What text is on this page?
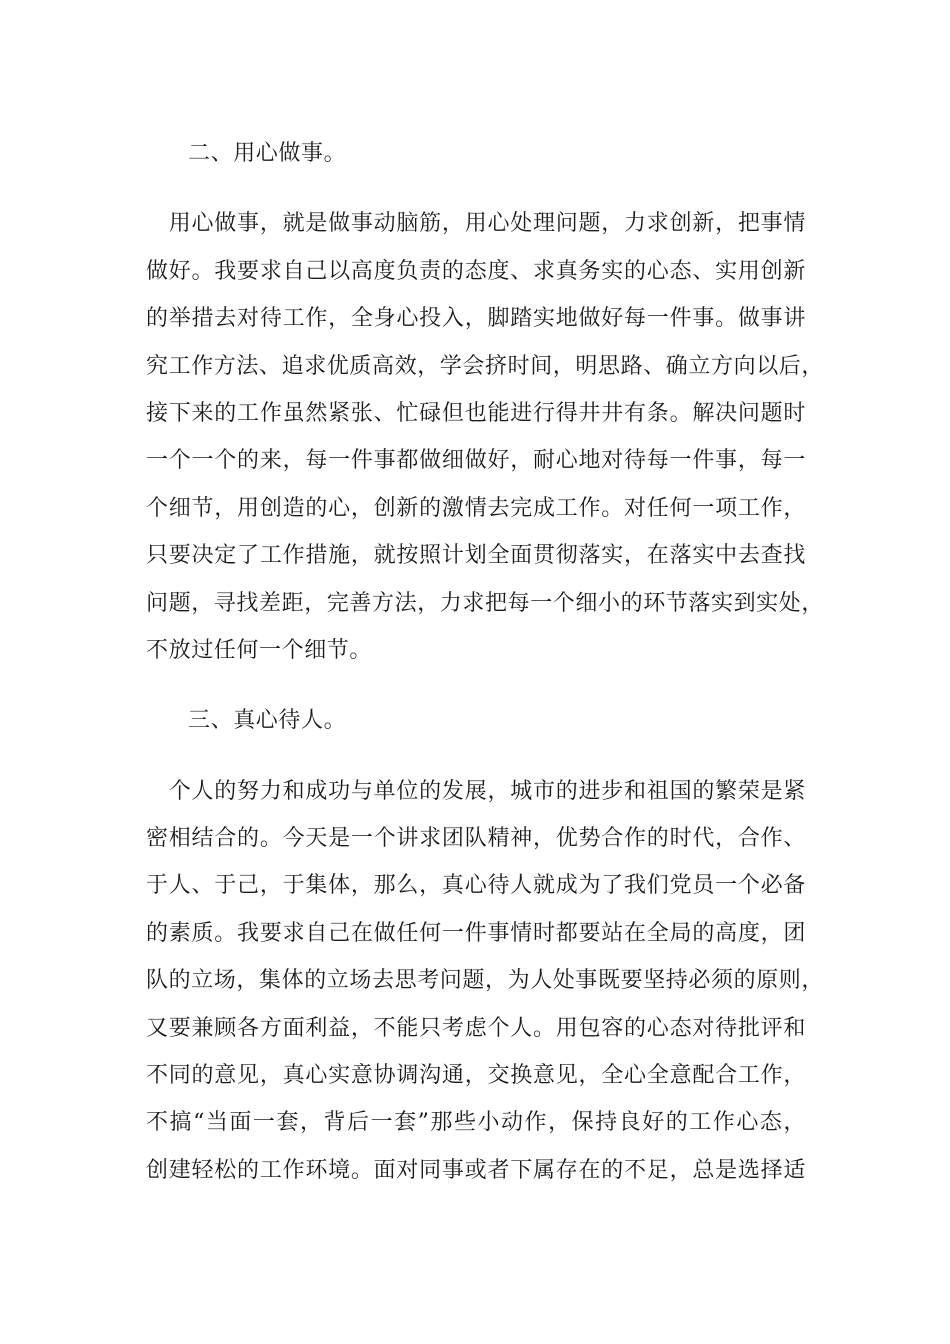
二、用心做事。
　用心做事，就是做事动脑筋，用心处理问题，力求创新，把事情
做好。我要求自己以高度负责的态度、求真务实的心态、实用创新
的举措去对待工作，全身心投入，脚踏实地做好每一件事。做事讲
究工作方法、追求优质高效，学会挤时间，明思路、确立方向以后，
接下来的工作虽然紧张、忙碌但也能进行得井井有条。解决问题时
一个一个的来，每一件事都做细做好，耐心地对待每一件事，每一
个细节，用创造的心，创新的激情去完成工作。对任何一项工作，
只要决定了工作措施，就按照计划全面贯彻落实，在落实中去查找
问题，寻找差距，完善方法，力求把每一个细小的环节落实到实处，
不放过任何一个细节。
三、真心待人。
　个人的努力和成功与单位的发展，城市的进步和祖国的繁荣是紧
密相结合的。今天是一个讲求团队精神，优势合作的时代，合作、
于人、于己，于集体，那么，真心待人就成为了我们党员一个必备
的素质。我要求自己在做任何一件事情时都要站在全局的高度，团
队的立场，集体的立场去思考问题，为人处事既要坚持必须的原则，
又要兼顾各方面利益，不能只考虑个人。用包容的心态对待批评和
不同的意见，真心实意协调沟通，交换意见，全心全意配合工作，
不搞“当面一套，背后一套”那些小动作，保持良好的工作心态，
创建轻松的工作环境。面对同事或者下属存在的不足，总是选择适
